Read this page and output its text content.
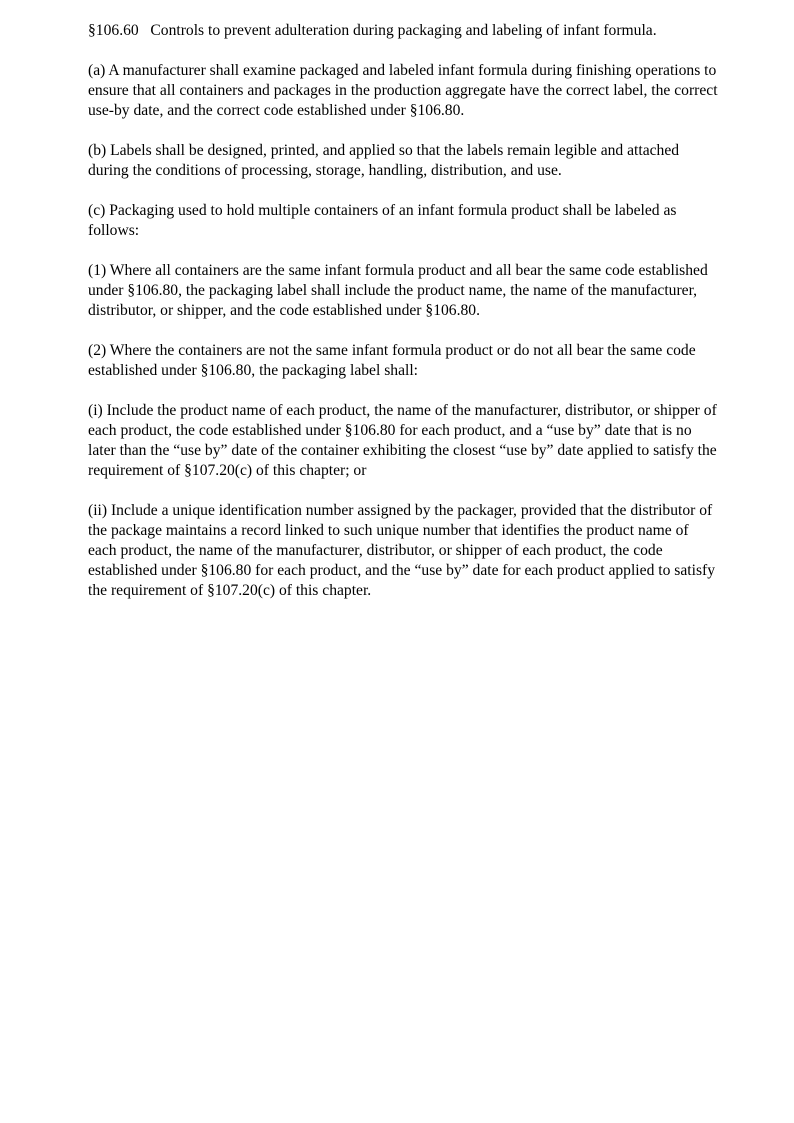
§106.60   Controls to prevent adulteration during packaging and labeling of infant formula.

(a) A manufacturer shall examine packaged and labeled infant formula during finishing operations to ensure that all containers and packages in the production aggregate have the correct label, the correct use-by date, and the correct code established under §106.80.

(b) Labels shall be designed, printed, and applied so that the labels remain legible and attached during the conditions of processing, storage, handling, distribution, and use.

(c) Packaging used to hold multiple containers of an infant formula product shall be labeled as follows:

(1) Where all containers are the same infant formula product and all bear the same code established under §106.80, the packaging label shall include the product name, the name of the manufacturer, distributor, or shipper, and the code established under §106.80.

(2) Where the containers are not the same infant formula product or do not all bear the same code established under §106.80, the packaging label shall:

(i) Include the product name of each product, the name of the manufacturer, distributor, or shipper of each product, the code established under §106.80 for each product, and a “use by” date that is no later than the “use by” date of the container exhibiting the closest “use by” date applied to satisfy the requirement of §107.20(c) of this chapter; or

(ii) Include a unique identification number assigned by the packager, provided that the distributor of the package maintains a record linked to such unique number that identifies the product name of each product, the name of the manufacturer, distributor, or shipper of each product, the code established under §106.80 for each product, and the “use by” date for each product applied to satisfy the requirement of §107.20(c) of this chapter.
